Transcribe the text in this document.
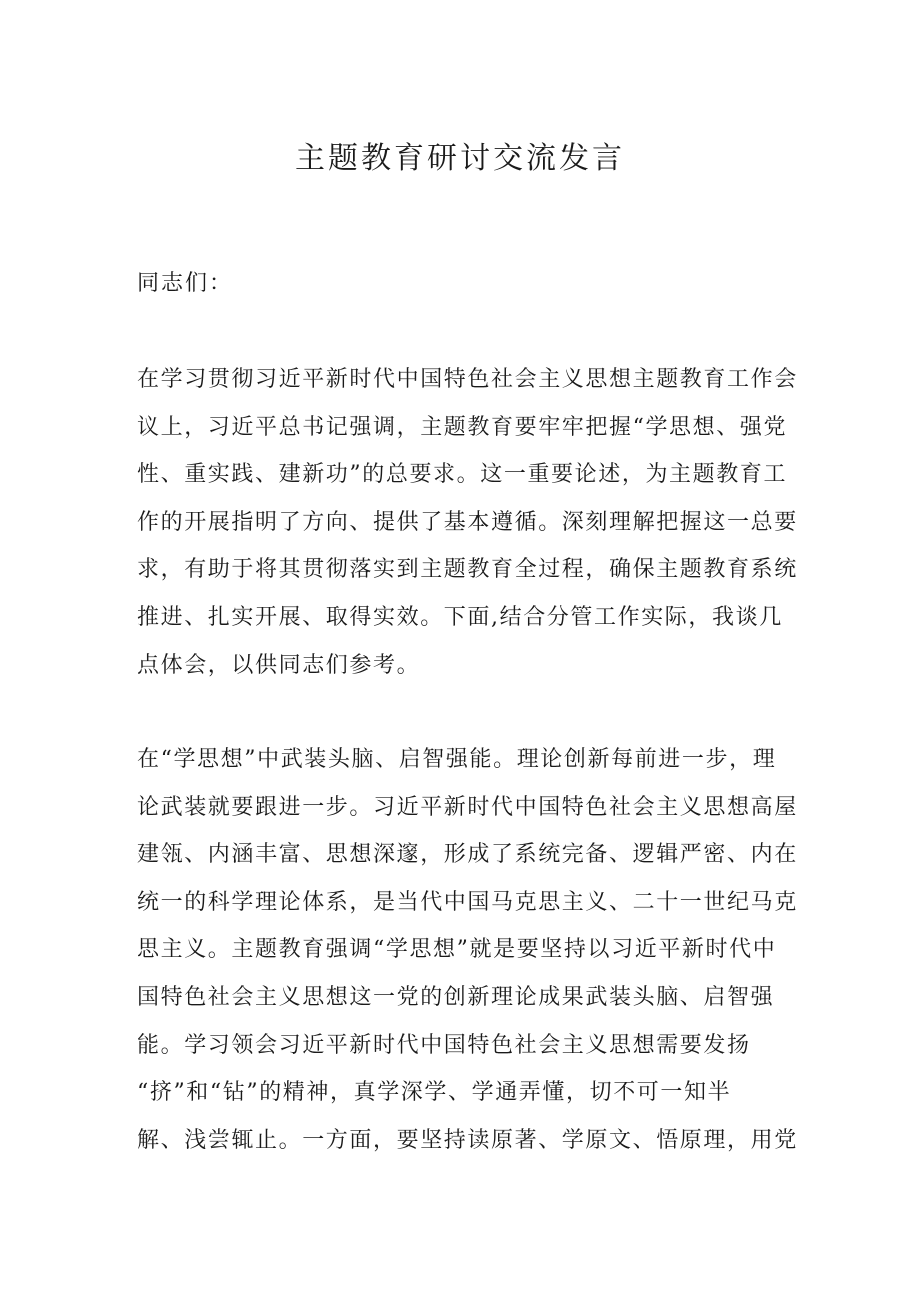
主题教育研讨交流发言

同志们：

在学习贯彻习近平新时代中国特色社会主义思想主题教育工作会
议上，习近平总书记强调，主题教育要牢牢把握“学思想、强党
性、重实践、建新功”的总要求。这一重要论述，为主题教育工
作的开展指明了方向、提供了基本遵循。深刻理解把握这一总要
求，有助于将其贯彻落实到主题教育全过程，确保主题教育系统
推进、扎实开展、取得实效。下面,结合分管工作实际，我谈几
点体会，以供同志们参考。
在“学思想”中武装头脑、启智强能。理论创新每前进一步，理
论武装就要跟进一步。习近平新时代中国特色社会主义思想高屋
建瓴、内涵丰富、思想深邃，形成了系统完备、逻辑严密、内在
统一的科学理论体系，是当代中国马克思主义、二十一世纪马克
思主义。主题教育强调“学思想”就是要坚持以习近平新时代中
国特色社会主义思想这一党的创新理论成果武装头脑、启智强
能。学习领会习近平新时代中国特色社会主义思想需要发扬
“挤”和“钻”的精神，真学深学、学通弄懂，切不可一知半
解、浅尝辄止。一方面，要坚持读原著、学原文、悟原理，用党
